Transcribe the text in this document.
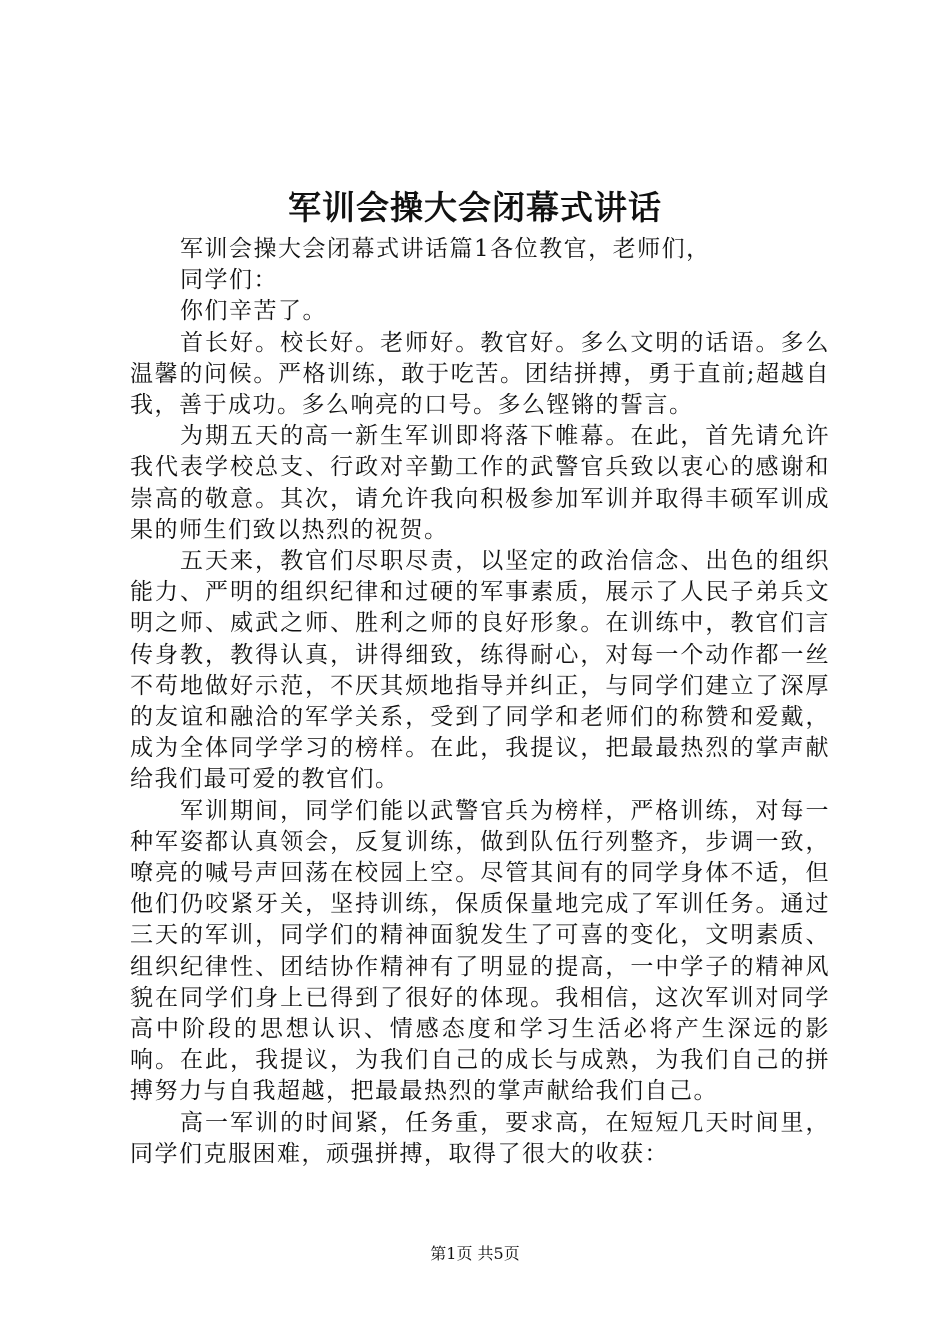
军训会操大会闭幕式讲话

军训会操大会闭幕式讲话篇1各位教官，老师们，

同学们：

你们辛苦了。

首长好。校长好。老师好。教官好。多么文明的话语。多么温馨的问候。严格训练，敢于吃苦。团结拼搏，勇于直前;超越自我，善于成功。多么响亮的口号。多么铿锵的誓言。

为期五天的高一新生军训即将落下帷幕。在此，首先请允许我代表学校总支、行政对辛勤工作的武警官兵致以衷心的感谢和崇高的敬意。其次，请允许我向积极参加军训并取得丰硕军训成果的师生们致以热烈的祝贺。

五天来，教官们尽职尽责，以坚定的政治信念、出色的组织能力、严明的组织纪律和过硬的军事素质，展示了人民子弟兵文明之师、威武之师、胜利之师的良好形象。在训练中，教官们言传身教，教得认真，讲得细致，练得耐心，对每一个动作都一丝不苟地做好示范，不厌其烦地指导并纠正，与同学们建立了深厚的友谊和融洽的军学关系，受到了同学和老师们的称赞和爱戴，成为全体同学学习的榜样。在此，我提议，把最最热烈的掌声献给我们最可爱的教官们。

军训期间，同学们能以武警官兵为榜样，严格训练，对每一种军姿都认真领会，反复训练，做到队伍行列整齐，步调一致，嘹亮的喊号声回荡在校园上空。尽管其间有的同学身体不适，但他们仍咬紧牙关，坚持训练，保质保量地完成了军训任务。通过三天的军训，同学们的精神面貌发生了可喜的变化，文明素质、组织纪律性、团结协作精神有了明显的提高，一中学子的精神风貌在同学们身上已得到了很好的体现。我相信，这次军训对同学高中阶段的思想认识、情感态度和学习生活必将产生深远的影响。在此，我提议，为我们自己的成长与成熟，为我们自己的拼搏努力与自我超越，把最最热烈的掌声献给我们自己。

高一军训的时间紧，任务重，要求高，在短短几天时间里，同学们克服困难，顽强拼搏，取得了很大的收获：

第1页 共5页
